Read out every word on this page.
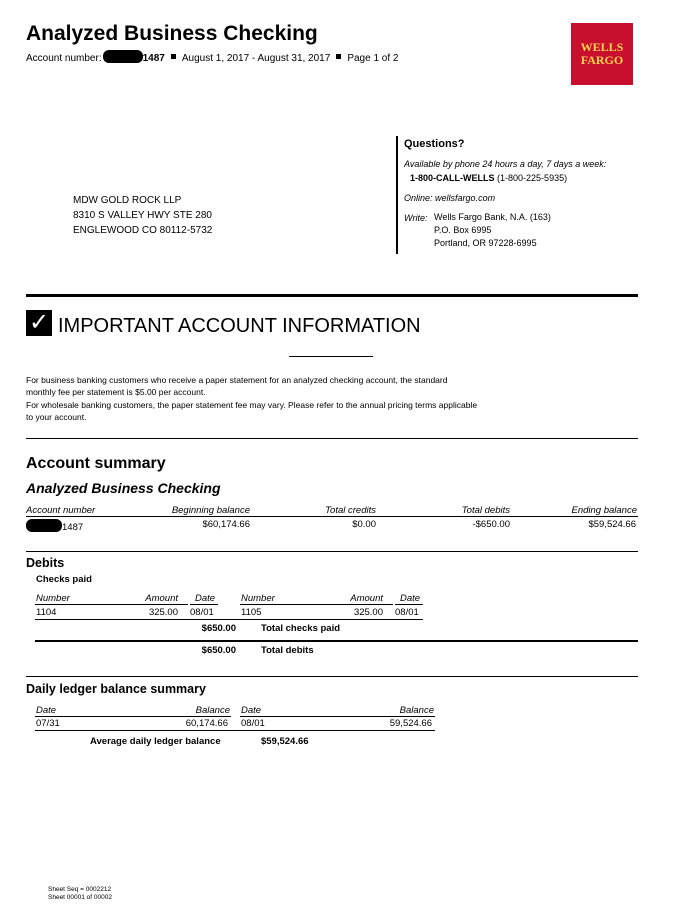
Analyzed Business Checking
Account number:	1487 August 1, 2017 - August 31, 2017 Page 1 of 2
WELLS
FARGO
MDW GOLD ROCK LLP
8310 S VALLEY HWY STE 280
ENGLEWOOD CO 80112-5732
Questions?
Available by phone 24 hours a day, 7 days a week:
1-800-CALL-WELLS (1-800-225-5935)
Online: wellsfargo.com
Write: Wells Fargo Bank, N.A. (163)
P.O. Box 6995
Portland, OR 97228-6995
✓ IMPORTANT ACCOUNT INFORMATION
For business banking customers who receive a paper statement for an analyzed checking account, the standard
monthly fee per statement is $5.00 per account.
For wholesale banking customers, the paper statement fee may vary. Please refer to the annual pricing terms applicable
to your account.
Account summary
Analyzed Business Checking
Account number	Beginning balance	Total credits	Total debits	Ending balance
1487	$60,174.66	$0.00	-$650.00	$59,524.66
Debits
Checks paid
Number	Amount Date	Number	Amount Date
1104	325.00 08/01	1105	325.00 08/01
$650.00	Total checks paid
$650.00	Total debits
Daily ledger balance summary
Date	Balance Date	Balance
07/31	60,174.66 08/01	59,524.66
Average daily ledger balance	$59,524.66
Sheet Seq = 0002212
Sheet 00001 of 00002
